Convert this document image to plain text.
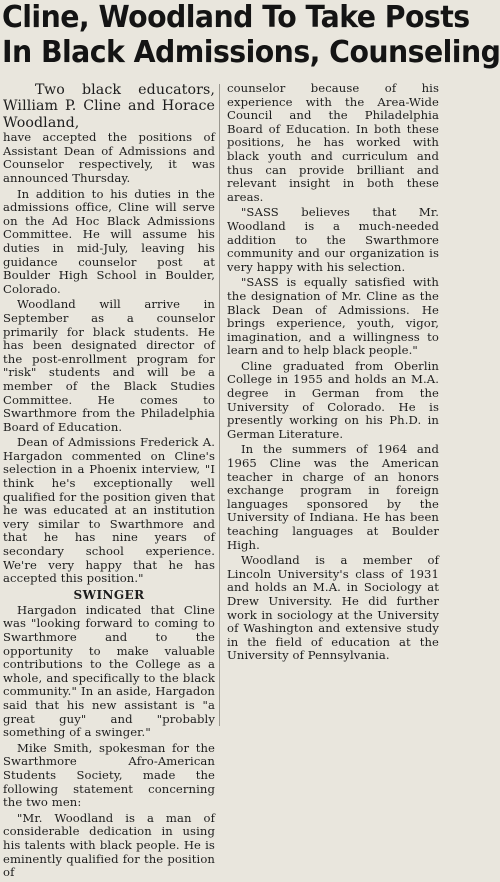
Cline, Woodland To Take Posts
In Black Admissions, Counseling

Two black educators, William P. Cline and Horace Woodland,

have accepted the positions of Assistant Dean of Admissions and Counselor respectively, it was announced Thursday.

In addition to his duties in the admissions office, Cline will serve on the Ad Hoc Black Admissions Committee. He will assume his duties in mid-July, leaving his guidance counselor post at Boulder High School in Boulder, Colorado.

Woodland will arrive in September as a counselor primarily for black students. He has been designated director of the post-enrollment program for "risk" students and will be a member of the Black Studies Committee. He comes to Swarthmore from the Philadelphia Board of Education.

Dean of Admissions Frederick A. Hargadon commented on Cline's selection in a Phoenix interview, "I think he's exceptionally well qualified for the position given that he was educated at an institution very similar to Swarthmore and that he has nine years of secondary school experience. We're very happy that he has accepted this position."

SWINGER

Hargadon indicated that Cline was "looking forward to coming to Swarthmore and to the opportunity to make valuable contributions to the College as a whole, and specifically to the black community." In an aside, Hargadon said that his new assistant is "a great guy" and "probably something of a swinger."

Mike Smith, spokesman for the Swarthmore Afro-American Students Society, made the following statement concerning the two men:

"Mr. Woodland is a man of considerable dedication in using his talents with black people. He is eminently qualified for the position of

counselor because of his experience with the Area-Wide Council and the Philadelphia Board of Education. In both these positions, he has worked with black youth and curriculum and thus can provide brilliant and relevant insight in both these areas.

"SASS believes that Mr. Woodland is a much-needed addition to the Swarthmore community and our organization is very happy with his selection.

"SASS is equally satisfied with the designation of Mr. Cline as the Black Dean of Admissions. He brings experience, youth, vigor, imagination, and a willingness to learn and to help black people."

Cline graduated from Oberlin College in 1955 and holds an M.A. degree in German from the University of Colorado. He is presently working on his Ph.D. in German Literature.

In the summers of 1964 and 1965 Cline was the American teacher in charge of an honors exchange program in foreign languages sponsored by the University of Indiana. He has been teaching languages at Boulder High.

Woodland is a member of Lincoln University's class of 1931 and holds an M.A. in Sociology at Drew University. He did further work in sociology at the University of Washington and extensive study in the field of education at the University of Pennsylvania.
